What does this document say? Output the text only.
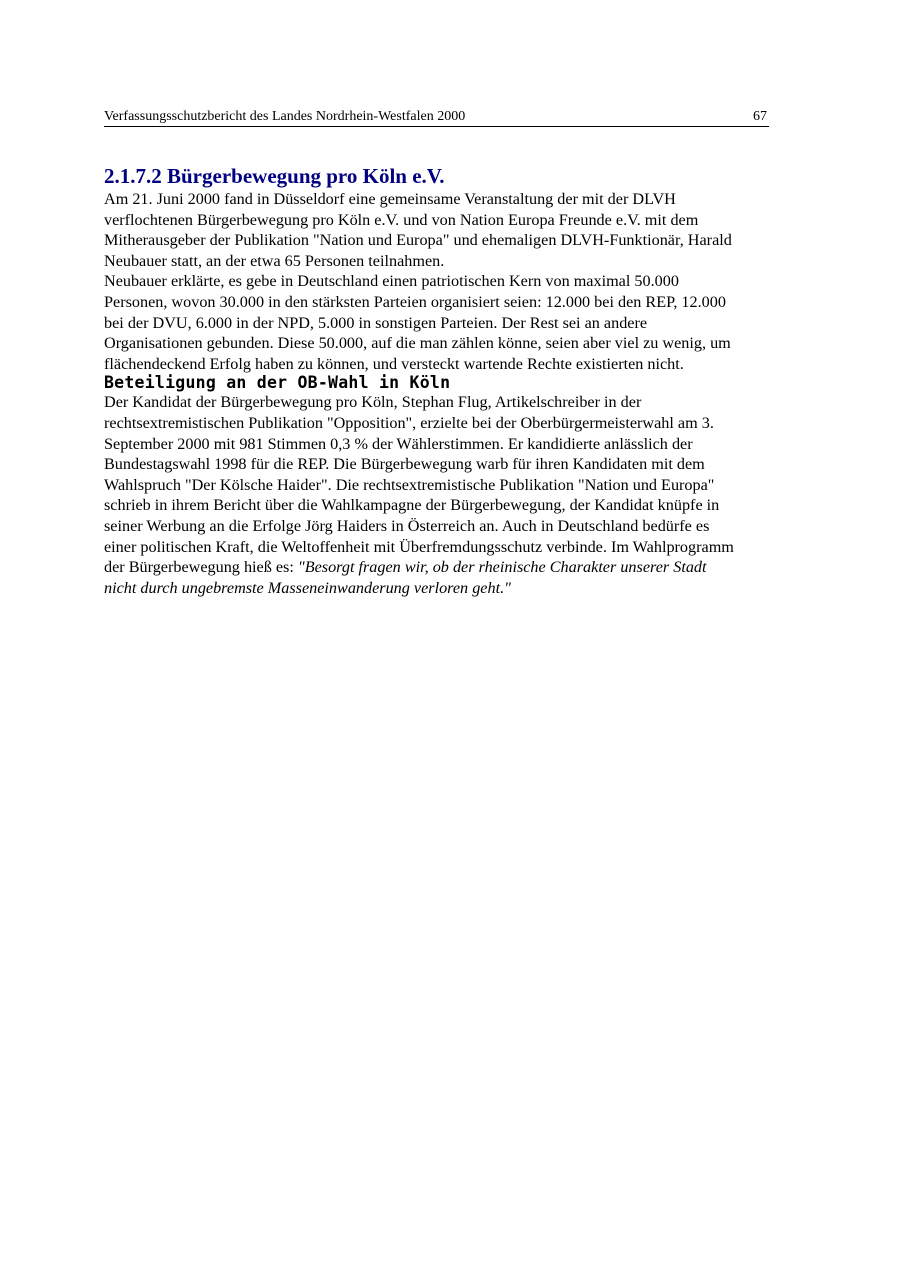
Verfassungsschutzbericht des Landes Nordrhein-Westfalen 2000	67
2.1.7.2 Bürgerbewegung pro Köln e.V.

Am 21. Juni 2000 fand in Düsseldorf eine gemeinsame Veranstaltung der mit der DLVH
verflochtenen Bürgerbewegung pro Köln e.V. und von Nation Europa Freunde e.V. mit dem
Mitherausgeber der Publikation "Nation und Europa" und ehemaligen DLVH-Funktionär, Harald
Neubauer statt, an der etwa 65 Personen teilnahmen.

Neubauer erklärte, es gebe in Deutschland einen patriotischen Kern von maximal 50.000
Personen, wovon 30.000 in den stärksten Parteien organisiert seien: 12.000 bei den REP, 12.000
bei der DVU, 6.000 in der NPD, 5.000 in sonstigen Parteien. Der Rest sei an andere
Organisationen gebunden. Diese 50.000, auf die man zählen könne, seien aber viel zu wenig, um
flächendeckend Erfolg haben zu können, und versteckt wartende Rechte existierten nicht.

Beteiligung an der OB-Wahl in Köln

Der Kandidat der Bürgerbewegung pro Köln, Stephan Flug, Artikelschreiber in der
rechtsextremistischen Publikation "Opposition", erzielte bei der Oberbürgermeisterwahl am 3.
September 2000 mit 981 Stimmen 0,3 % der Wählerstimmen. Er kandidierte anlässlich der
Bundestagswahl 1998 für die REP. Die Bürgerbewegung warb für ihren Kandidaten mit dem
Wahlspruch "Der Kölsche Haider". Die rechtsextremistische Publikation "Nation und Europa"
schrieb in ihrem Bericht über die Wahlkampagne der Bürgerbewegung, der Kandidat knüpfe in
seiner Werbung an die Erfolge Jörg Haiders in Österreich an. Auch in Deutschland bedürfe es
einer politischen Kraft, die Weltoffenheit mit Überfremdungsschutz verbinde. Im Wahlprogramm
der Bürgerbewegung hieß es: "Besorgt fragen wir, ob der rheinische Charakter unserer Stadt
nicht durch ungebremste Masseneinwanderung verloren geht."
